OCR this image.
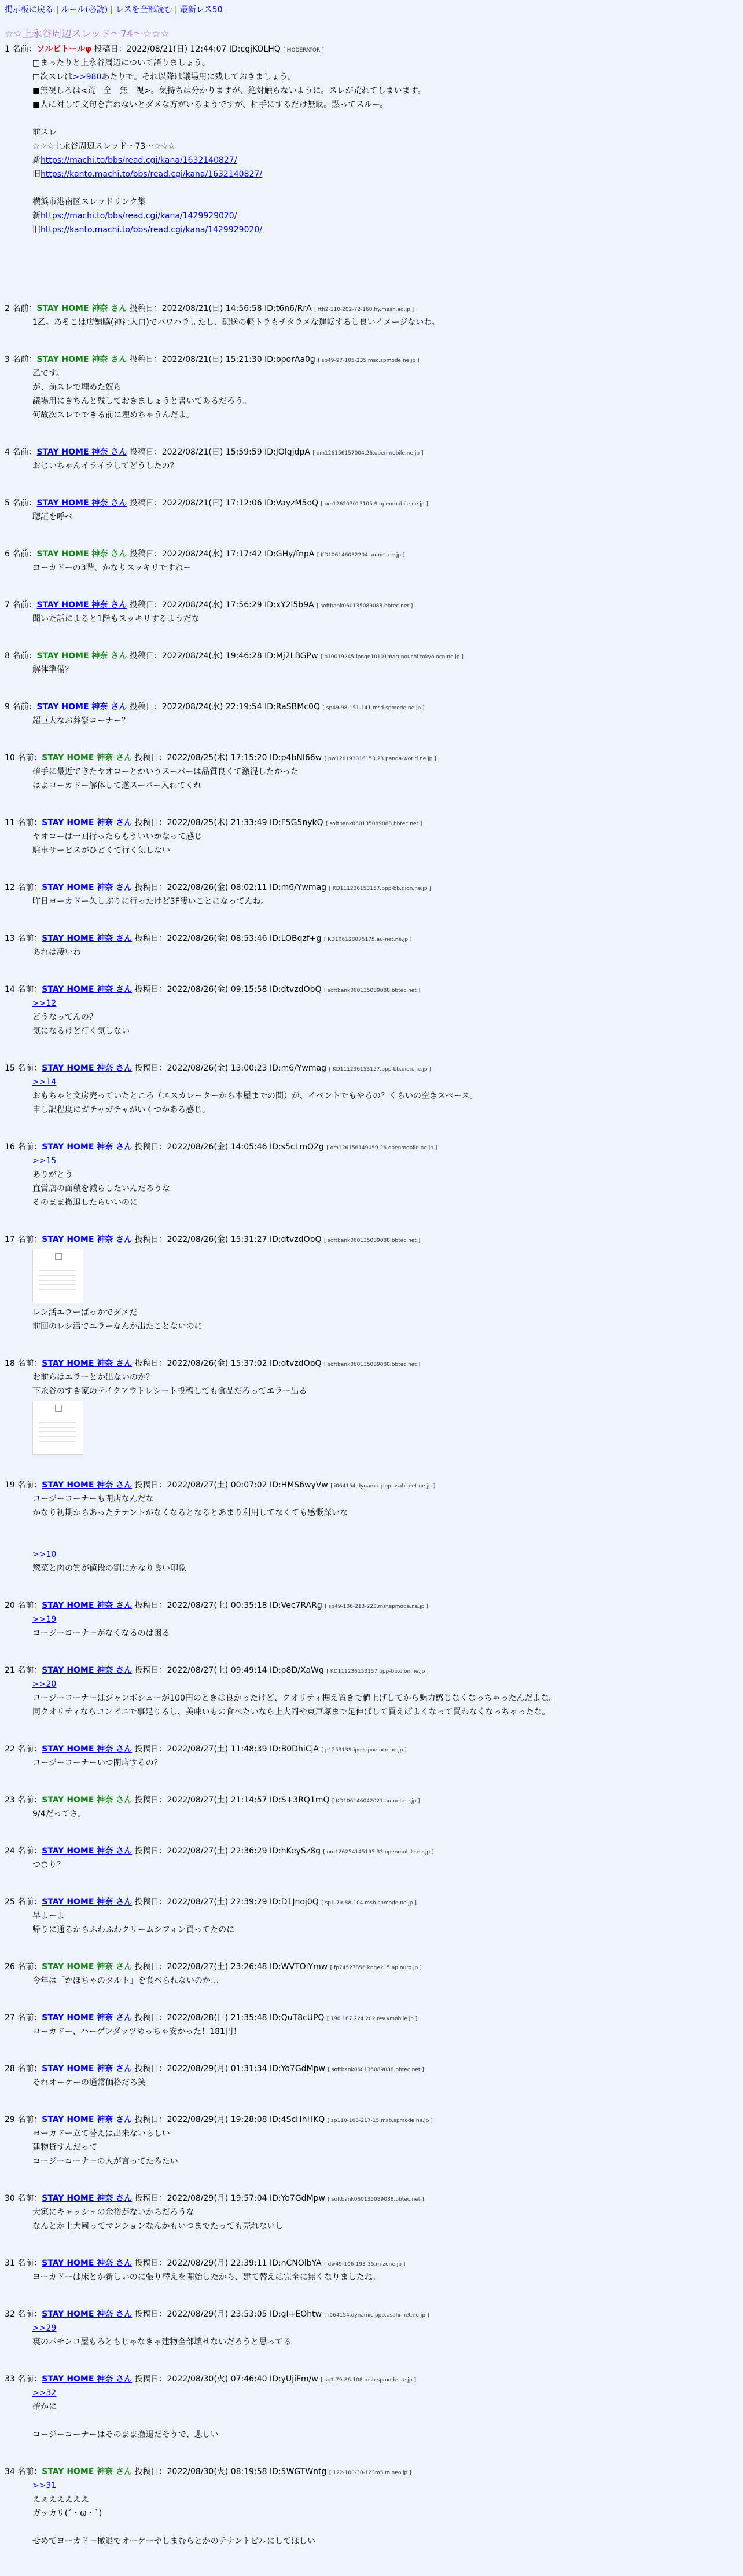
掲示板に戻る | ルール(必読) | レスを全部読む | 最新レス50
☆☆上永谷周辺スレッド〜74〜☆☆☆
1 名前：ソルビトールφ 投稿日：2022/08/21(日) 12:44:07 ID:cgjKOLHQ [ MODERATOR ]
□まったりと上永谷周辺について語りましょう。
□次スレは>>980あたりで。それ以降は議場用に残しておきましょう。
■無視しろは<荒　全　無　視>。気持ちは分かりますが、絶対触らないように。スレが荒れてしまいます。
■人に対して文句を言わないとダメな方がいるようですが、相手にするだけ無駄。黙ってスルー。

前スレ
☆☆☆上永谷周辺スレッド〜73〜☆☆☆
新https://machi.to/bbs/read.cgi/kana/1632140827/
旧https://kanto.machi.to/bbs/read.cgi/kana/1632140827/

横浜市港南区スレッドリンク集
新https://machi.to/bbs/read.cgi/kana/1429929020/
旧https://kanto.machi.to/bbs/read.cgi/kana/1429929020/

2 名前：STAY HOME 神奈 さん 投稿日：2022/08/21(日) 14:56:58 ID:t6n6/RrA [ fth2-110-202-72-160.hy.mesh.ad.jp ]
1乙。あそこは店舗脇(神社入口)でバワハラ見たし、配送の軽トラもチタラメな運転するし良いイメージないわ。
3 名前：STAY HOME 神奈 さん 投稿日：2022/08/21(日) 15:21:30 ID:bporAa0g [ sp49-97-105-235.msc.spmode.ne.jp ]
乙です。
が、前スレで埋めた奴ら
議場用にきちんと残しておきましょうと書いてあるだろう。
何故次スレでできる前に埋めちゃうんだよ。
4 名前：STAY HOME 神奈 さん 投稿日：2022/08/21(日) 15:59:59 ID:JOlqjdpA [ om126156157004.26.openmobile.ne.jp ]
おじいちゃんイライラしてどうしたの？
5 名前：STAY HOME 神奈 さん 投稿日：2022/08/21(日) 17:12:06 ID:VayzM5oQ [ om126207013105.9.openmobile.ne.jp ]
聴証を呼べ
6 名前：STAY HOME 神奈 さん 投稿日：2022/08/24(水) 17:17:42 ID:GHy/fnpA [ KD106146032204.au-net.ne.jp ]
ヨーカドーの3階、かなりスッキリですねー
7 名前：STAY HOME 神奈 さん 投稿日：2022/08/24(水) 17:56:29 ID:xY2l5b9A [ softbank060135089088.bbtec.net ]
聞いた話によると1階もスッキリするようだな
8 名前：STAY HOME 神奈 さん 投稿日：2022/08/24(水) 19:46:28 ID:Mj2LBGPw [ p10019245-ipngn10101marunouchi.tokyo.ocn.ne.jp ]
解体準備？
9 名前：STAY HOME 神奈 さん 投稿日：2022/08/24(水) 22:19:54 ID:RaSBMc0Q [ sp49-98-151-141.msd.spmode.ne.jp ]
超巨大なお葬祭コーナー？
10 名前：STAY HOME 神奈 さん 投稿日：2022/08/25(木) 17:15:20 ID:p4bNI66w [ pw126193016153.28.panda-world.ne.jp ]
確手に最近できたヤオコーとかいうスーパーは品質良くて激混したかった
はよヨーカドー解体して遂スーパー入れてくれ
11 名前：STAY HOME 神奈 さん 投稿日：2022/08/25(木) 21:33:49 ID:F5G5nykQ [ softbank060135089088.bbtec.net ]
ヤオコーは一回行ったらもういいかなって感じ
駐車サービスがひどくて行く気しない
12 名前：STAY HOME 神奈 さん 投稿日：2022/08/26(金) 08:02:11 ID:m6/Ywmag [ KD111236153157.ppp-bb.dion.ne.jp ]
昨日ヨーカドー久しぶりに行ったけど3F凄いことになってんね。
13 名前：STAY HOME 神奈 さん 投稿日：2022/08/26(金) 08:53:46 ID:LOBqzf+g [ KD106128075175.au-net.ne.jp ]
あれは凄いわ
14 名前：STAY HOME 神奈 さん 投稿日：2022/08/26(金) 09:15:58 ID:dtvzdObQ [ softbank060135089088.bbtec.net ]
>>12
どうなってんの？
気になるけど行く気しない
15 名前：STAY HOME 神奈 さん 投稿日：2022/08/26(金) 13:00:23 ID:m6/Ywmag [ KD111236153157.ppp-bb.dion.ne.jp ]
>>14
おもちゃと文房売っていたところ（エスカレーターから本屋までの間）が、イベントでもやるの？くらいの空きスペース。
申し訳程度にガチャガチャがいくつかある感じ。
16 名前：STAY HOME 神奈 さん 投稿日：2022/08/26(金) 14:05:46 ID:s5cLmO2g [ om126156149059.26.openmobile.ne.jp ]
>>15
ありがとう
直営店の面積を減らしたいんだろうな
そのまま撤退したらいいのに
17 名前：STAY HOME 神奈 さん 投稿日：2022/08/26(金) 15:31:27 ID:dtvzdObQ [ softbank060135089088.bbtec.net ]
レシ活エラーばっかでダメだ
前回のレシ活でエラーなんか出たことないのに
18 名前：STAY HOME 神奈 さん 投稿日：2022/08/26(金) 15:37:02 ID:dtvzdObQ [ softbank060135089088.bbtec.net ]
お前らはエラーとか出ないのか？
下永谷のすき家のテイクアウトレシート投稿しても食品だろってエラー出る
19 名前：STAY HOME 神奈 さん 投稿日：2022/08/27(土) 00:07:02 ID:HMS6wyVw [ i064154.dynamic.ppp.asahi-net.ne.jp ]
コージーコーナーも閉店なんだな
かなり初期からあったテナントがなくなるとなるとあまり利用してなくても感慨深いな

>>10
惣菜と肉の質が値段の割にかなり良い印象
20 名前：STAY HOME 神奈 さん 投稿日：2022/08/27(土) 00:35:18 ID:Vec7RARg [ sp49-106-213-223.msf.spmode.ne.jp ]
>>19
コージーコーナーがなくなるのは困る
21 名前：STAY HOME 神奈 さん 投稿日：2022/08/27(土) 09:49:14 ID:p8D/XaWg [ KD111236153157.ppp-bb.dion.ne.jp ]
>>20
コージーコーナーはジャンボシューが100円のときは良かったけど、クオリティ据え置きで値上げしてから魅力感じなくなっちゃったんだよな。
同クオリティならコンビニで事足りるし、美味いもの食べたいなら上大岡や東戸塚まで足伸ばして買えばよくなって買わなくなっちゃったな。
22 名前：STAY HOME 神奈 さん 投稿日：2022/08/27(土) 11:48:39 ID:B0DhiCjA [ p1253139-ipoe.ipoe.ocn.ne.jp ]
コージーコーナーいつ閉店するの？
23 名前：STAY HOME 神奈 さん 投稿日：2022/08/27(土) 21:14:57 ID:S+3RQ1mQ [ KD106146042021.au-net.ne.jp ]
9/4だってさ。
24 名前：STAY HOME 神奈 さん 投稿日：2022/08/27(土) 22:36:29 ID:hKeySz8g [ om126254145195.33.openmobile.ne.jp ]
つまり？
25 名前：STAY HOME 神奈 さん 投稿日：2022/08/27(土) 22:39:29 ID:D1Jnoj0Q [ sp1-79-88-104.msb.spmode.ne.jp ]
早よーよ
帰りに通るからふわふわクリームシフォン買ってたのに
26 名前：STAY HOME 神奈 さん 投稿日：2022/08/27(土) 23:26:48 ID:WVTOlYmw [ fp74527856.knge215.ap.nuro.jp ]
今年は「かぼちゃのタルト」を食べられないのか…
27 名前：STAY HOME 神奈 さん 投稿日：2022/08/28(日) 21:35:48 ID:QuT8cUPQ [ 190.167.224.202.rev.vmobile.jp ]
ヨーカドー、ハーゲンダッツめっちゃ安かった！181円！
28 名前：STAY HOME 神奈 さん 投稿日：2022/08/29(月) 01:31:34 ID:Yo7GdMpw [ softbank060135089088.bbtec.net ]
それオーケーの通常価格だろ笑
29 名前：STAY HOME 神奈 さん 投稿日：2022/08/29(月) 19:28:08 ID:4ScHhHKQ [ sp110-163-217-15.msb.spmode.ne.jp ]
ヨーカドー立て替えは出来ないらしい
建物貸すんだって
コージーコーナーの人が言ってたみたい
30 名前：STAY HOME 神奈 さん 投稿日：2022/08/29(月) 19:57:04 ID:Yo7GdMpw [ softbank060135089088.bbtec.net ]
大家にキャッシュの余裕がないからだろうな
なんとか上大岡ってマンションなんかもいつまでたっても売れないし
31 名前：STAY HOME 神奈 さん 投稿日：2022/08/29(月) 22:39:11 ID:nCNOlbYA [ dw49-106-193-35.m-zone.jp ]
ヨーカドーは床とか新しいのに張り替えを開始したから、建て替えは完全に無くなりましたね。
32 名前：STAY HOME 神奈 さん 投稿日：2022/08/29(月) 23:53:05 ID:gI+EOhtw [ i064154.dynamic.ppp.asahi-net.ne.jp ]
>>29
裏のパチンコ屋もろともじゃなきゃ建物全部壊せないだろうと思ってる
33 名前：STAY HOME 神奈 さん 投稿日：2022/08/30(火) 07:46:40 ID:yUjiFm/w [ sp1-79-86-108.msb.spmode.ne.jp ]
>>32
確かに

コージーコーナーはそのまま撤退だそうで、悲しい
34 名前：STAY HOME 神奈 さん 投稿日：2022/08/30(火) 08:19:58 ID:5WGTWntg [ 122-100-30-123m5.mineo.jp ]
>>31
えぇえええええ
ガッカリ(´・ω・`)

せめてヨーカドー撤退でオーケーやしまむらとかのテナントビルにしてほしい
